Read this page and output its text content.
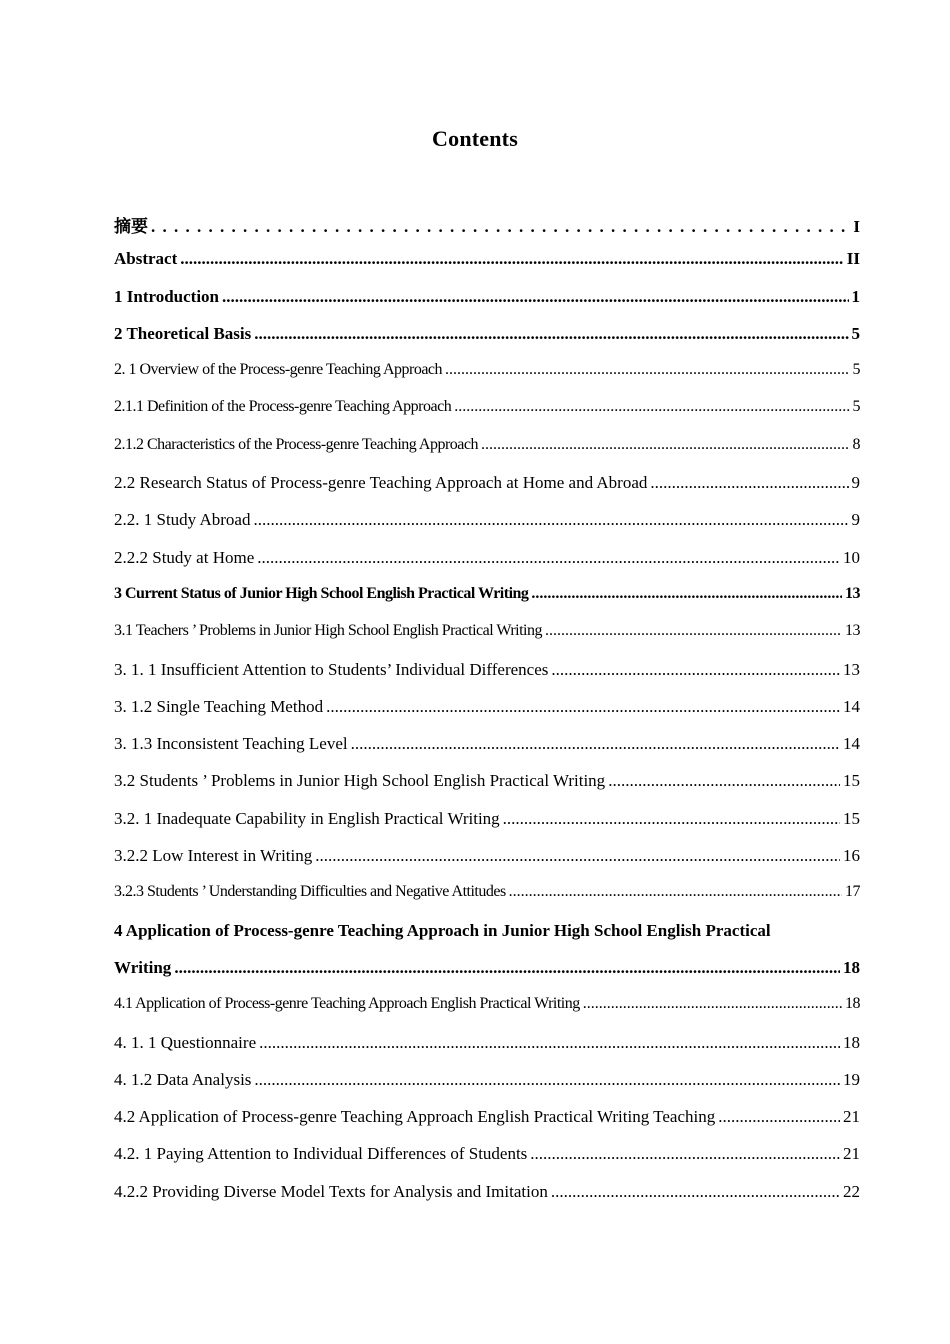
Contents
摘要 . . .	I
Abstract .....	II
1 Introduction .....	1
2 Theoretical Basis .....	5
2. 1 Overview of the Process-genre Teaching Approach .....	5
2.1.1 Definition of the Process-genre Teaching Approach .....	5
2.1.2 Characteristics of the Process-genre Teaching Approach .....	8
2.2 Research Status of Process-genre Teaching Approach at Home and Abroad .....	9
2.2. 1 Study Abroad .....	9
2.2.2 Study at Home .....	10
3 Current Status of Junior High School English Practical Writing .....	13
3.1 Teachers ’ Problems in Junior High School English Practical Writing .....	13
3. 1. 1 Insufficient Attention to Students’ Individual Differences .....	13
3. 1.2 Single Teaching Method .....	14
3. 1.3 Inconsistent Teaching Level .....	14
3.2 Students ’ Problems in Junior High School English Practical Writing .....	15
3.2. 1 Inadequate Capability in English Practical Writing .....	15
3.2.2 Low Interest in Writing .....	16
3.2.3 Students ’ Understanding Difficulties and Negative Attitudes .....	17
4 Application of Process-genre Teaching Approach in Junior High School English Practical
Writing .....	18
4.1 Application of Process-genre Teaching Approach English Practical Writing .....	18
4. 1. 1 Questionnaire .....	18
4. 1.2 Data Analysis .....	19
4.2 Application of Process-genre Teaching Approach English Practical Writing Teaching .....	21
4.2. 1 Paying Attention to Individual Differences of Students .....	21
4.2.2 Providing Diverse Model Texts for Analysis and Imitation .....	22
